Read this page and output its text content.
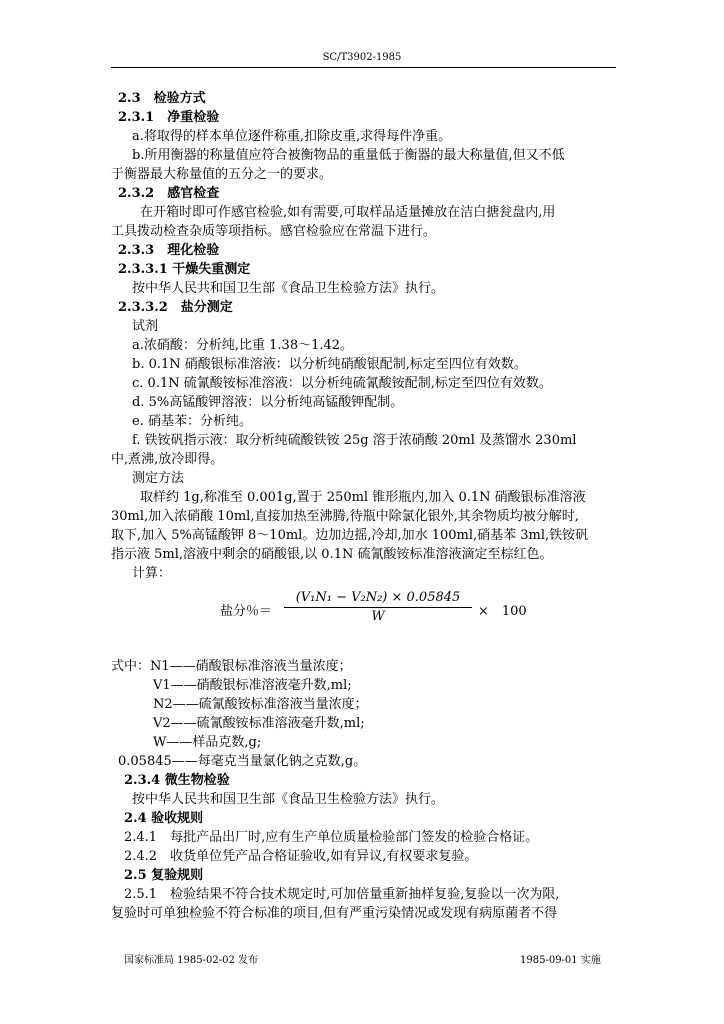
SC/T3902-1985
2.3　检验方式
2.3.1　净重检验
a.将取得的样本单位逐件称重,扣除皮重,求得每件净重。
b.所用衡器的称量值应符合被衡物品的重量低于衡器的最大称量值,但又不低
于衡器最大称量值的五分之一的要求。
2.3.2　感官检查
在开箱时即可作感官检验,如有需要,可取样品适量摊放在洁白搪瓮盘内,用
工具拨动检查杂质等项指标。感官检验应在常温下进行。
2.3.3　理化检验
2.3.3.1 干燥失重测定
按中华人民共和国卫生部《食品卫生检验方法》执行。
2.3.3.2　盐分测定
试剂
a.浓硝酸：分析纯,比重 1.38～1.42。
b. 0.1N 硝酸银标准溶液：以分析纯硝酸银配制,标定至四位有效数。
c. 0.1N 硫氰酸铵标准溶液：以分析纯硫氰酸铵配制,标定至四位有效数。
d. 5%高锰酸钾溶液：以分析纯高锰酸钾配制。
e. 硝基苯：分析纯。
f. 铁铵矾指示液：取分析纯硫酸铁铵 25g 溶于浓硝酸 20ml 及蒸馏水 230ml
中,煮沸,放冷即得。
测定方法
取样约 1g,称准至 0.001g,置于 250ml 锥形瓶内,加入 0.1N 硝酸银标准溶液
30ml,加入浓硝酸 10ml,直接加热至沸腾,待瓶中除氯化银外,其余物质均被分解时,
取下,加入 5%高锰酸钾 8～10ml。边加边摇,冷却,加水 100ml,硝基苯 3ml,铁铵矾
指示液 5ml,溶液中剩余的硝酸银,以 0.1N 硫氰酸铵标准溶液滴定至棕红色。
计算：
盐分％＝
(V₁N₁ − V₂N₂) × 0.05845
W	×　100
式中：N1——硝酸银标准溶液当量浓度；
V1——硝酸银标准溶液毫升数,ml;
N2——硫氰酸铵标准溶液当量浓度；
V2——硫氰酸铵标准溶液毫升数,ml;
W——样品克数,g;
0.05845——每毫克当量氯化钠之克数,g。
2.3.4 微生物检验
按中华人民共和国卫生部《食品卫生检验方法》执行。
2.4 验收规则
2.4.1　每批产品出厂时,应有生产单位质量检验部门签发的检验合格证。
2.4.2　收货单位凭产品合格证验收,如有异议,有权要求复验。
2.5 复验规则
2.5.1　检验结果不符合技术规定时,可加倍量重新抽样复验,复验以一次为限,
复验时可单独检验不符合标准的项目,但有严重污染情况或发现有病原菌者不得
国家标准局 1985-02-02 发布	1985-09-01 实施
